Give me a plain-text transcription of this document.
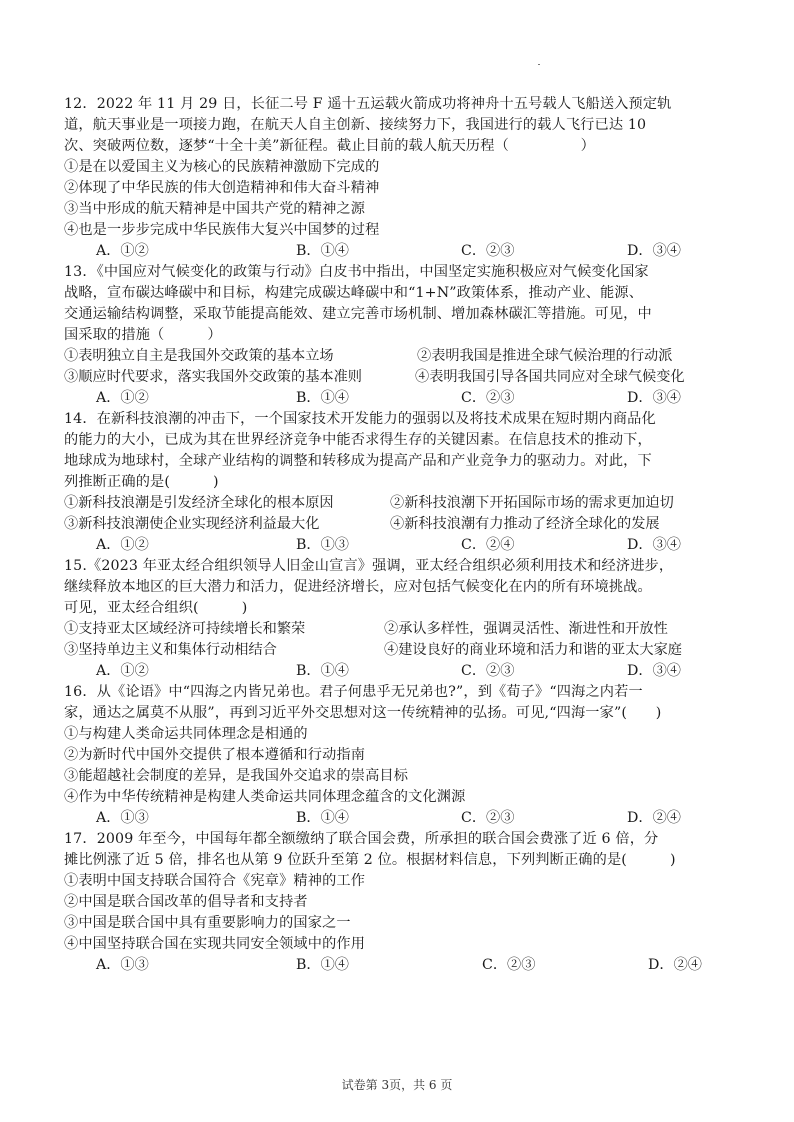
12．2022 年 11 月 29 日，长征二号 F 遥十五运载火箭成功将神舟十五号载人飞船送入预定轨
道，航天事业是一项接力跑，在航天人自主创新、接续努力下，我国进行的载人飞行已达 10
次、突破两位数，逐梦“十全十美”新征程。截止目前的载人航天历程（　　　　　）
①是在以爱国主义为核心的民族精神激励下完成的
②体现了中华民族的伟大创造精神和伟大奋斗精神
③当中形成的航天精神是中国共产党的精神之源
④也是一步步完成中华民族伟大复兴中国梦的过程
A．①②	B．①④	C．②③	D．③④
13．《中国应对气候变化的政策与行动》白皮书中指出，中国坚定实施积极应对气候变化国家
战略，宣布碳达峰碳中和目标，构建完成碳达峰碳中和“1+N”政策体系，推动产业、能源、
交通运输结构调整，采取节能提高能效、建立完善市场机制、增加森林碳汇等措施。可见，中
国采取的措施（　　　）
①表明独立自主是我国外交政策的基本立场	②表明我国是推进全球气候治理的行动派
③顺应时代要求，落实我国外交政策的基本准则	④表明我国引导各国共同应对全球气候变化
A．①②	B．①④	C．②③	D．③④
14．在新科技浪潮的冲击下，一个国家技术开发能力的强弱以及将技术成果在短时期内商品化
的能力的大小，已成为其在世界经济竞争中能否求得生存的关键因素。在信息技术的推动下，
地球成为地球村，全球产业结构的调整和转移成为提高产品和产业竞争力的驱动力。对此，下
列推断正确的是(　　　)
①新科技浪潮是引发经济全球化的根本原因	②新科技浪潮下开拓国际市场的需求更加迫切
③新科技浪潮使企业实现经济利益最大化	④新科技浪潮有力推动了经济全球化的发展
A．①②	B．①③	C．②④	D．③④
15.《2023 年亚太经合组织领导人旧金山宣言》强调，亚太经合组织必须利用技术和经济进步，
继续释放本地区的巨大潜力和活力，促进经济增长，应对包括气候变化在内的所有环境挑战。
可见，亚太经合组织(　　　)
①支持亚太区域经济可持续增长和繁荣	②承认多样性，强调灵活性、渐进性和开放性
③坚持单边主义和集体行动相结合	④建设良好的商业环境和活力和谐的亚太大家庭
A．①②	B．①④	C．②③	D．③④
16．从《论语》中“四海之内皆兄弟也。君子何患乎无兄弟也?”，到《荀子》“四海之内若一
家，通达之属莫不从服”，再到习近平外交思想对这一传统精神的弘扬。可见,“四海一家”(　　)
①与构建人类命运共同体理念是相通的
②为新时代中国外交提供了根本遵循和行动指南
③能超越社会制度的差异，是我国外交追求的崇高目标
④作为中华传统精神是构建人类命运共同体理念蕴含的文化渊源
A．①③	B．①④	C．②③	D．②④
17．2009 年至今，中国每年都全额缴纳了联合国会费，所承担的联合国会费涨了近 6 倍，分
摊比例涨了近 5 倍，排名也从第 9 位跃升至第 2 位。根据材料信息，下列判断正确的是(　　　)
①表明中国支持联合国符合《宪章》精神的工作
②中国是联合国改革的倡导者和支持者
③中国是联合国中具有重要影响力的国家之一
④中国坚持联合国在实现共同安全领域中的作用
A．①③	B．①④	C．②③	D．②④
试卷第 3页，共 6 页
